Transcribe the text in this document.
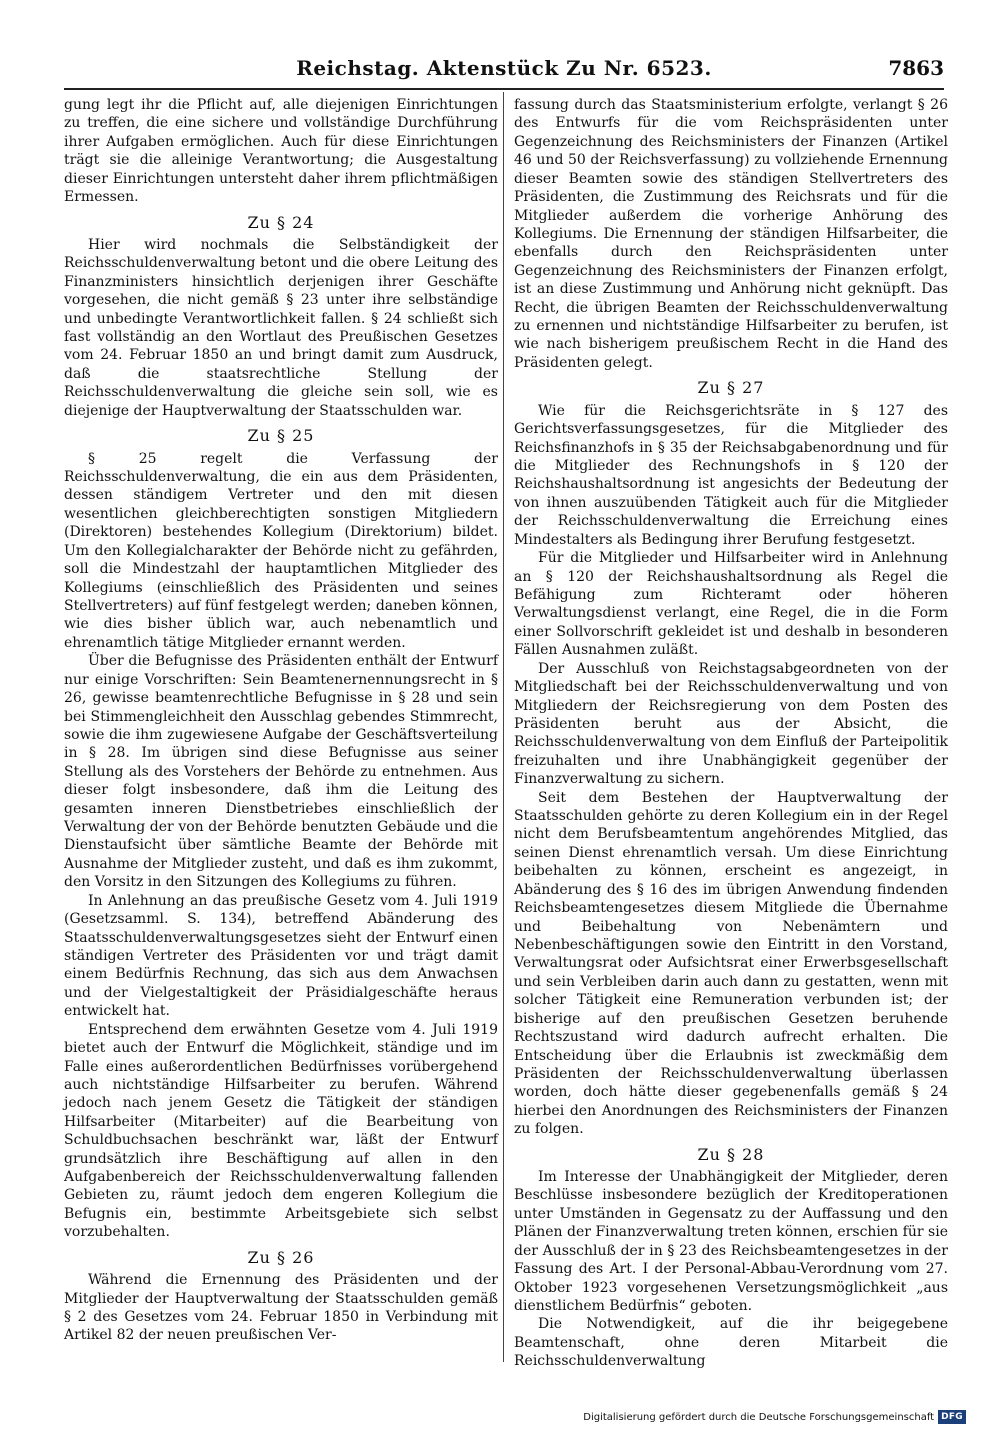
Reichstag. Aktenstück Zu Nr. 6523.	7863

gung legt ihr die Pflicht auf, alle diejenigen Einrichtungen zu treffen, die eine sichere und vollständige Durchführung ihrer Aufgaben ermöglichen. Auch für diese Einrichtungen trägt sie die alleinige Verantwortung; die Ausgestaltung dieser Einrichtungen untersteht daher ihrem pflichtmäßigen Ermessen.

Zu § 24

Hier wird nochmals die Selbständigkeit der Reichsschuldenverwaltung betont und die obere Leitung des Finanzministers hinsichtlich derjenigen ihrer Geschäfte vorgesehen, die nicht gemäß § 23 unter ihre selbständige und unbedingte Verantwortlichkeit fallen. § 24 schließt sich fast vollständig an den Wortlaut des Preußischen Gesetzes vom 24. Februar 1850 an und bringt damit zum Ausdruck, daß die staatsrechtliche Stellung der Reichsschuldenverwaltung die gleiche sein soll, wie es diejenige der Hauptverwaltung der Staatsschulden war.

Zu § 25

§ 25 regelt die Verfassung der Reichsschuldenverwaltung, die ein aus dem Präsidenten, dessen ständigem Vertreter und den mit diesen wesentlichen gleichberechtigten sonstigen Mitgliedern (Direktoren) bestehendes Kollegium (Direktorium) bildet. Um den Kollegialcharakter der Behörde nicht zu gefährden, soll die Mindestzahl der hauptamtlichen Mitglieder des Kollegiums (einschließlich des Präsidenten und seines Stellvertreters) auf fünf festgelegt werden; daneben können, wie dies bisher üblich war, auch nebenamtlich und ehrenamtlich tätige Mitglieder ernannt werden.

Über die Befugnisse des Präsidenten enthält der Entwurf nur einige Vorschriften: Sein Beamtenernennungsrecht in § 26, gewisse beamtenrechtliche Befugnisse in § 28 und sein bei Stimmengleichheit den Ausschlag gebendes Stimmrecht, sowie die ihm zugewiesene Aufgabe der Geschäftsverteilung in § 28. Im übrigen sind diese Befugnisse aus seiner Stellung als des Vorstehers der Behörde zu entnehmen. Aus dieser folgt insbesondere, daß ihm die Leitung des gesamten inneren Dienstbetriebes einschließlich der Verwaltung der von der Behörde benutzten Gebäude und die Dienstaufsicht über sämtliche Beamte der Behörde mit Ausnahme der Mitglieder zusteht, und daß es ihm zukommt, den Vorsitz in den Sitzungen des Kollegiums zu führen.

In Anlehnung an das preußische Gesetz vom 4. Juli 1919 (Gesetzsamml. S. 134), betreffend Abänderung des Staatsschuldenverwaltungsgesetzes sieht der Entwurf einen ständigen Vertreter des Präsidenten vor und trägt damit einem Bedürfnis Rechnung, das sich aus dem Anwachsen und der Vielgestaltigkeit der Präsidialgeschäfte heraus entwickelt hat.

Entsprechend dem erwähnten Gesetze vom 4. Juli 1919 bietet auch der Entwurf die Möglichkeit, ständige und im Falle eines außerordentlichen Bedürfnisses vorübergehend auch nichtständige Hilfsarbeiter zu berufen. Während jedoch nach jenem Gesetz die Tätigkeit der ständigen Hilfsarbeiter (Mitarbeiter) auf die Bearbeitung von Schuldbuchsachen beschränkt war, läßt der Entwurf grundsätzlich ihre Beschäftigung auf allen in den Aufgabenbereich der Reichsschuldenverwaltung fallenden Gebieten zu, räumt jedoch dem engeren Kollegium die Befugnis ein, bestimmte Arbeitsgebiete sich selbst vorzubehalten.

Zu § 26

Während die Ernennung des Präsidenten und der Mitglieder der Hauptverwaltung der Staatsschulden gemäß § 2 des Gesetzes vom 24. Februar 1850 in Verbindung mit Artikel 82 der neuen preußischen Ver-

fassung durch das Staatsministerium erfolgte, verlangt § 26 des Entwurfs für die vom Reichspräsidenten unter Gegenzeichnung des Reichsministers der Finanzen (Artikel 46 und 50 der Reichsverfassung) zu vollziehende Ernennung dieser Beamten sowie des ständigen Stellvertreters des Präsidenten, die Zustimmung des Reichsrats und für die Mitglieder außerdem die vorherige Anhörung des Kollegiums. Die Ernennung der ständigen Hilfsarbeiter, die ebenfalls durch den Reichspräsidenten unter Gegenzeichnung des Reichsministers der Finanzen erfolgt, ist an diese Zustimmung und Anhörung nicht geknüpft. Das Recht, die übrigen Beamten der Reichsschuldenverwaltung zu ernennen und nichtständige Hilfsarbeiter zu berufen, ist wie nach bisherigem preußischem Recht in die Hand des Präsidenten gelegt.

Zu § 27

Wie für die Reichsgerichtsräte in § 127 des Gerichtsverfassungsgesetzes, für die Mitglieder des Reichsfinanzhofs in § 35 der Reichsabgabenordnung und für die Mitglieder des Rechnungshofs in § 120 der Reichshaushaltsordnung ist angesichts der Bedeutung der von ihnen auszuübenden Tätigkeit auch für die Mitglieder der Reichsschuldenverwaltung die Erreichung eines Mindestalters als Bedingung ihrer Berufung festgesetzt.

Für die Mitglieder und Hilfsarbeiter wird in Anlehnung an § 120 der Reichshaushaltsordnung als Regel die Befähigung zum Richteramt oder höheren Verwaltungsdienst verlangt, eine Regel, die in die Form einer Sollvorschrift gekleidet ist und deshalb in besonderen Fällen Ausnahmen zuläßt.

Der Ausschluß von Reichstagsabgeordneten von der Mitgliedschaft bei der Reichsschuldenverwaltung und von Mitgliedern der Reichsregierung von dem Posten des Präsidenten beruht aus der Absicht, die Reichsschuldenverwaltung von dem Einfluß der Parteipolitik freizuhalten und ihre Unabhängigkeit gegenüber der Finanzverwaltung zu sichern.

Seit dem Bestehen der Hauptverwaltung der Staatsschulden gehörte zu deren Kollegium ein in der Regel nicht dem Berufsbeamtentum angehörendes Mitglied, das seinen Dienst ehrenamtlich versah. Um diese Einrichtung beibehalten zu können, erscheint es angezeigt, in Abänderung des § 16 des im übrigen Anwendung findenden Reichsbeamtengesetzes diesem Mitgliede die Übernahme und Beibehaltung von Nebenämtern und Nebenbeschäftigungen sowie den Eintritt in den Vorstand, Verwaltungsrat oder Aufsichtsrat einer Erwerbsgesellschaft und sein Verbleiben darin auch dann zu gestatten, wenn mit solcher Tätigkeit eine Remuneration verbunden ist; der bisherige auf den preußischen Gesetzen beruhende Rechtszustand wird dadurch aufrecht erhalten. Die Entscheidung über die Erlaubnis ist zweckmäßig dem Präsidenten der Reichsschuldenverwaltung überlassen worden, doch hätte dieser gegebenenfalls gemäß § 24 hierbei den Anordnungen des Reichsministers der Finanzen zu folgen.

Zu § 28

Im Interesse der Unabhängigkeit der Mitglieder, deren Beschlüsse insbesondere bezüglich der Kreditoperationen unter Umständen in Gegensatz zu der Auffassung und den Plänen der Finanzverwaltung treten können, erschien für sie der Ausschluß der in § 23 des Reichsbeamtengesetzes in der Fassung des Art. I der Personal-Abbau-Verordnung vom 27. Oktober 1923 vorgesehenen Versetzungsmöglichkeit „aus dienstlichem Bedürfnis“ geboten.

Die Notwendigkeit, auf die ihr beigegebene Beamtenschaft, ohne deren Mitarbeit die Reichsschuldenverwaltung

Digitalisierung gefördert durch die Deutsche Forschungsgemeinschaft DFG
